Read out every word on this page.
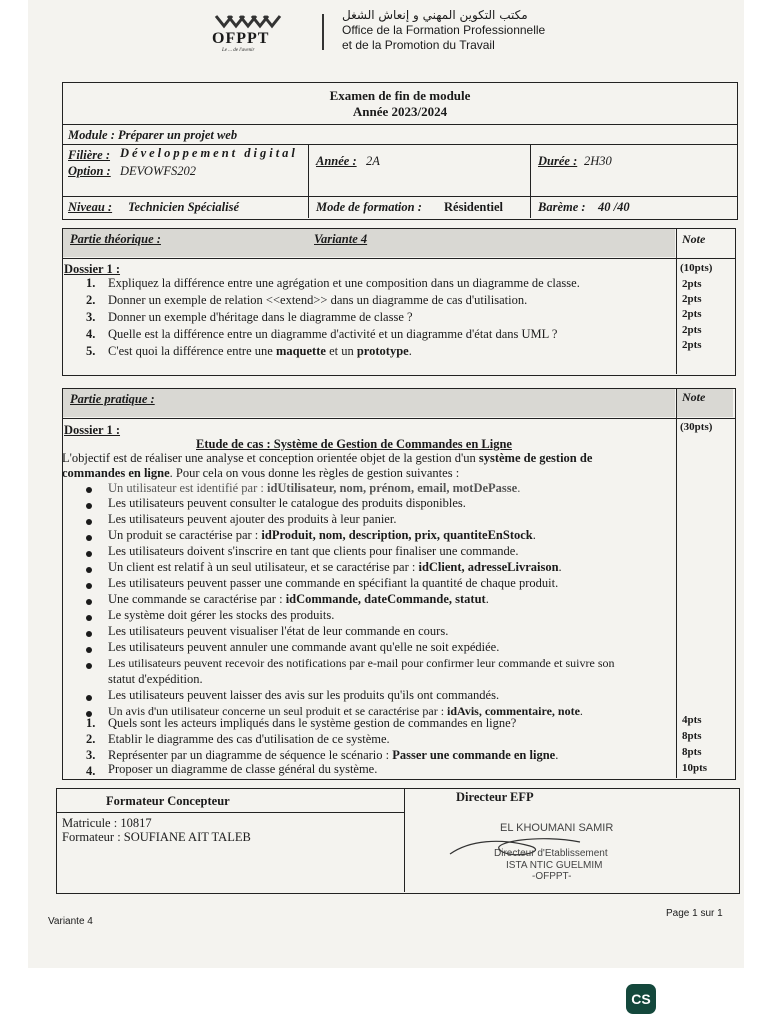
OFPPT
Le ... de l'avenir
مكتب التكوين المهني و إنعاش الشغل
Office de la Formation Professionnelle
et de la Promotion du Travail
Examen de fin de module
Année 2023/2024
Module : Préparer un projet web
Filière : Développement digital
Option : DEVOWFS202
Année : 2A	Durée : 2H30
Niveau : Technicien Spécialisé	Mode de formation : Résidentiel	Barème : 40 /40
Partie théorique :	Variante 4	Note
Dossier 1 :	(10pts)
1. Expliquez la différence entre une agrégation et une composition dans un diagramme de classe.	2pts
2. Donner un exemple de relation <<extend>> dans un diagramme de cas d'utilisation.	2pts
3. Donner un exemple d'héritage dans le diagramme de classe ?	2pts
4. Quelle est la différence entre un diagramme d'activité et un diagramme d'état dans UML ?	2pts
5. C'est quoi la différence entre une maquette et un prototype.	2pts
Partie pratique :	Note
Dossier 1 :	(30pts)
Etude de cas : Système de Gestion de Commandes en Ligne
L'objectif est de réaliser une analyse et conception orientée objet de la gestion d'un système de gestion de
commandes en ligne. Pour cela on vous donne les règles de gestion suivantes :
Un utilisateur est identifié par : idUtilisateur, nom, prénom, email, motDePasse.
Les utilisateurs peuvent consulter le catalogue des produits disponibles.
Les utilisateurs peuvent ajouter des produits à leur panier.
Un produit se caractérise par : idProduit, nom, description, prix, quantiteEnStock.
Les utilisateurs doivent s'inscrire en tant que clients pour finaliser une commande.
Un client est relatif à un seul utilisateur, et se caractérise par : idClient, adresseLivraison.
Les utilisateurs peuvent passer une commande en spécifiant la quantité de chaque produit.
Une commande se caractérise par : idCommande, dateCommande, statut.
Le système doit gérer les stocks des produits.
Les utilisateurs peuvent visualiser l'état de leur commande en cours.
Les utilisateurs peuvent annuler une commande avant qu'elle ne soit expédiée.
Les utilisateurs peuvent recevoir des notifications par e-mail pour confirmer leur commande et suivre son
statut d'expédition.
Les utilisateurs peuvent laisser des avis sur les produits qu'ils ont commandés.
Un avis d'un utilisateur concerne un seul produit et se caractérise par : idAvis, commentaire, note.
1. Quels sont les acteurs impliqués dans le système gestion de commandes en ligne?	4pts
2. Etablir le diagramme des cas d'utilisation de ce système.	8pts
3. Représenter par un diagramme de séquence le scénario : Passer une commande en ligne.	8pts
4. Proposer un diagramme de classe général du système.	10pts
Formateur Concepteur	Directeur EFP
Matricule : 10817
Formateur : SOUFIANE AIT TALEB
EL KHOUMANI SAMIR
Directeur d'Etablissement
ISTA NTIC GUELMIM
-OFPPT-
Variante 4
Page 1 sur 1
CS
